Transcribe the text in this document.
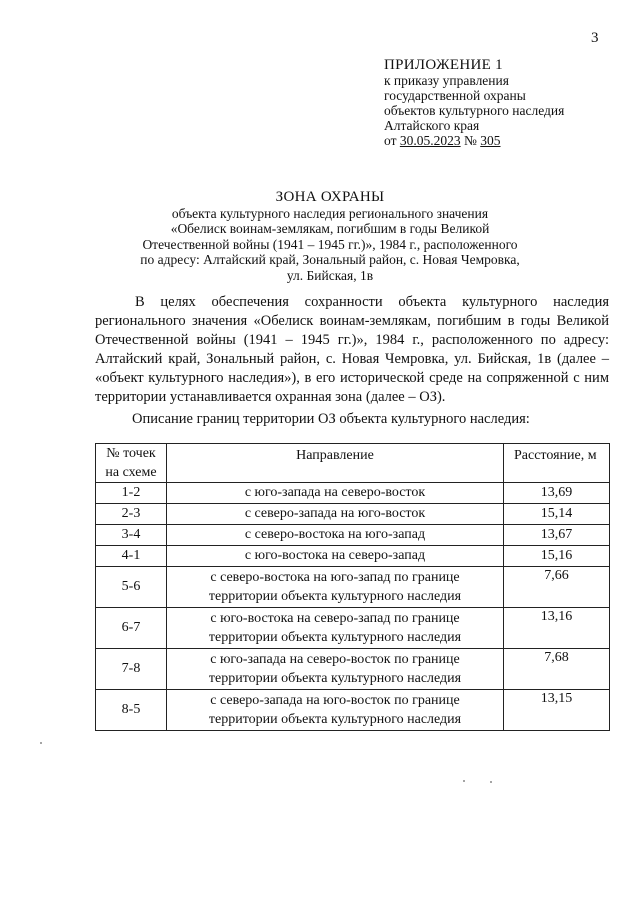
3
ПРИЛОЖЕНИЕ 1
к приказу управления
государственной охраны
объектов культурного наследия
Алтайского края
от 30.05.2023 № 305
ЗОНА ОХРАНЫ
объекта культурного наследия регионального значения
«Обелиск воинам-землякам, погибшим в годы Великой
Отечественной войны (1941 – 1945 гг.)», 1984 г., расположенного
по адресу: Алтайский край, Зональный район, с. Новая Чемровка,
ул. Бийская, 1в
В целях обеспечения сохранности объекта культурного наследия регионального значения «Обелиск воинам-землякам, погибшим в годы Великой Отечественной войны (1941 – 1945 гг.)», 1984 г., расположенного по адресу: Алтайский край, Зональный район, с. Новая Чемровка, ул. Бийская, 1в (далее – «объект культурного наследия»), в его исторической среде на сопряженной с ним территории устанавливается охранная зона (далее – ОЗ).
Описание границ территории ОЗ объекта культурного наследия:
№ точек
на схеме	Направление	Расстояние, м
1-2	с юго-запада на северо-восток	13,69
2-3	с северо-запада на юго-восток	15,14
3-4	с северо-востока на юго-запад	13,67
4-1	с юго-востока на северо-запад	15,16
5-6	с северо-востока на юго-запад по границе
территории объекта культурного наследия	7,66
6-7	с юго-востока на северо-запад по границе
территории объекта культурного наследия	13,16
7-8	с юго-запада на северо-восток по границе
территории объекта культурного наследия	7,68
8-5	с северо-запада на юго-восток по границе
территории объекта культурного наследия	13,15
